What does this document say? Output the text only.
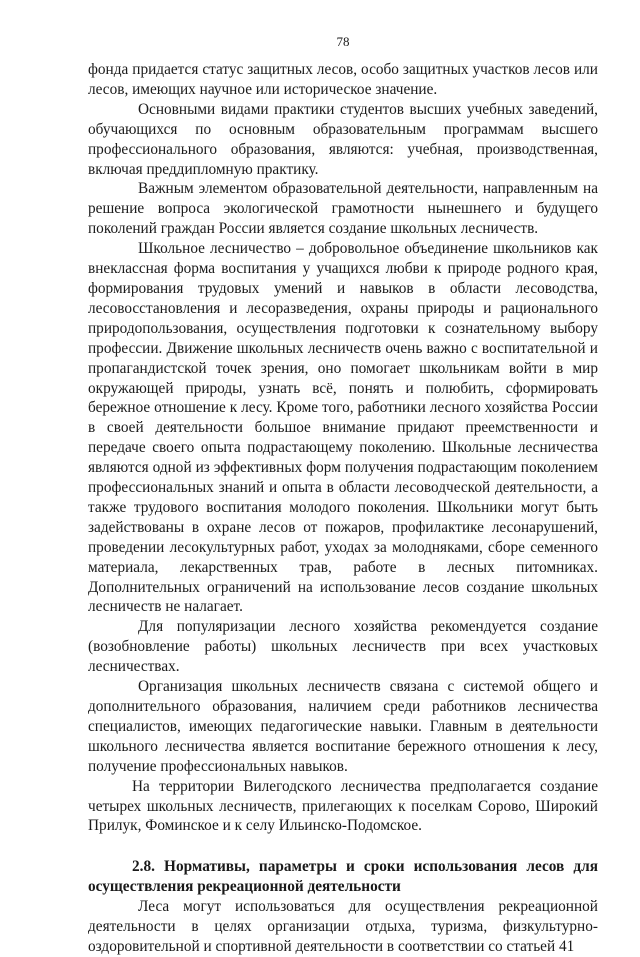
78

фонда придается статус защитных лесов, особо защитных участков лесов или лесов, имеющих научное или историческое значение.

Основными видами практики студентов высших учебных заведений, обучающихся по основным образовательным программам высшего профессионального образования, являются: учебная, производственная, включая преддипломную практику.

Важным элементом образовательной деятельности, направленным на решение вопроса экологической грамотности нынешнего и будущего поколений граждан России является создание школьных лесничеств.

Школьное лесничество – добровольное объединение школьников как внеклассная форма воспитания у учащихся любви к природе родного края, формирования трудовых умений и навыков в области лесоводства, лесовосстановления и лесоразведения, охраны природы и рационального природопользования, осуществления подготовки к сознательному выбору профессии. Движение школьных лесничеств очень важно с воспитательной и пропагандистской точек зрения, оно помогает школьникам войти в мир окружающей природы, узнать всё, понять и полюбить, сформировать бережное отношение к лесу. Кроме того, работники лесного хозяйства России в своей деятельности большое внимание придают преемственности и передаче своего опыта подрастающему поколению. Школьные лесничества являются одной из эффективных форм получения подрастающим поколением профессиональных знаний и опыта в области лесоводческой деятельности, а также трудового воспитания молодого поколения. Школьники могут быть задействованы в охране лесов от пожаров, профилактике лесонарушений, проведении лесокультурных работ, уходах за молодняками, сборе семенного материала, лекарственных трав, работе в лесных питомниках. Дополнительных ограничений на использование лесов создание школьных лесничеств не налагает.

Для популяризации лесного хозяйства рекомендуется создание (возобновление работы) школьных лесничеств при всех участковых лесничествах.

Организация школьных лесничеств связана с системой общего и дополнительного образования, наличием среди работников лесничества специалистов, имеющих педагогические навыки. Главным в деятельности школьного лесничества является воспитание бережного отношения к лесу, получение профессиональных навыков.

На территории Вилегодского лесничества предполагается создание четырех школьных лесничеств, прилегающих к поселкам Сорово, Широкий Прилук, Фоминское и к селу Ильинско-Подомское.

2.8. Нормативы, параметры и сроки использования лесов для осуществления рекреационной деятельности

Леса могут использоваться для осуществления рекреационной деятельности в целях организации отдыха, туризма, физкультурно-оздоровительной и спортивной деятельности в соответствии со статьей 41
